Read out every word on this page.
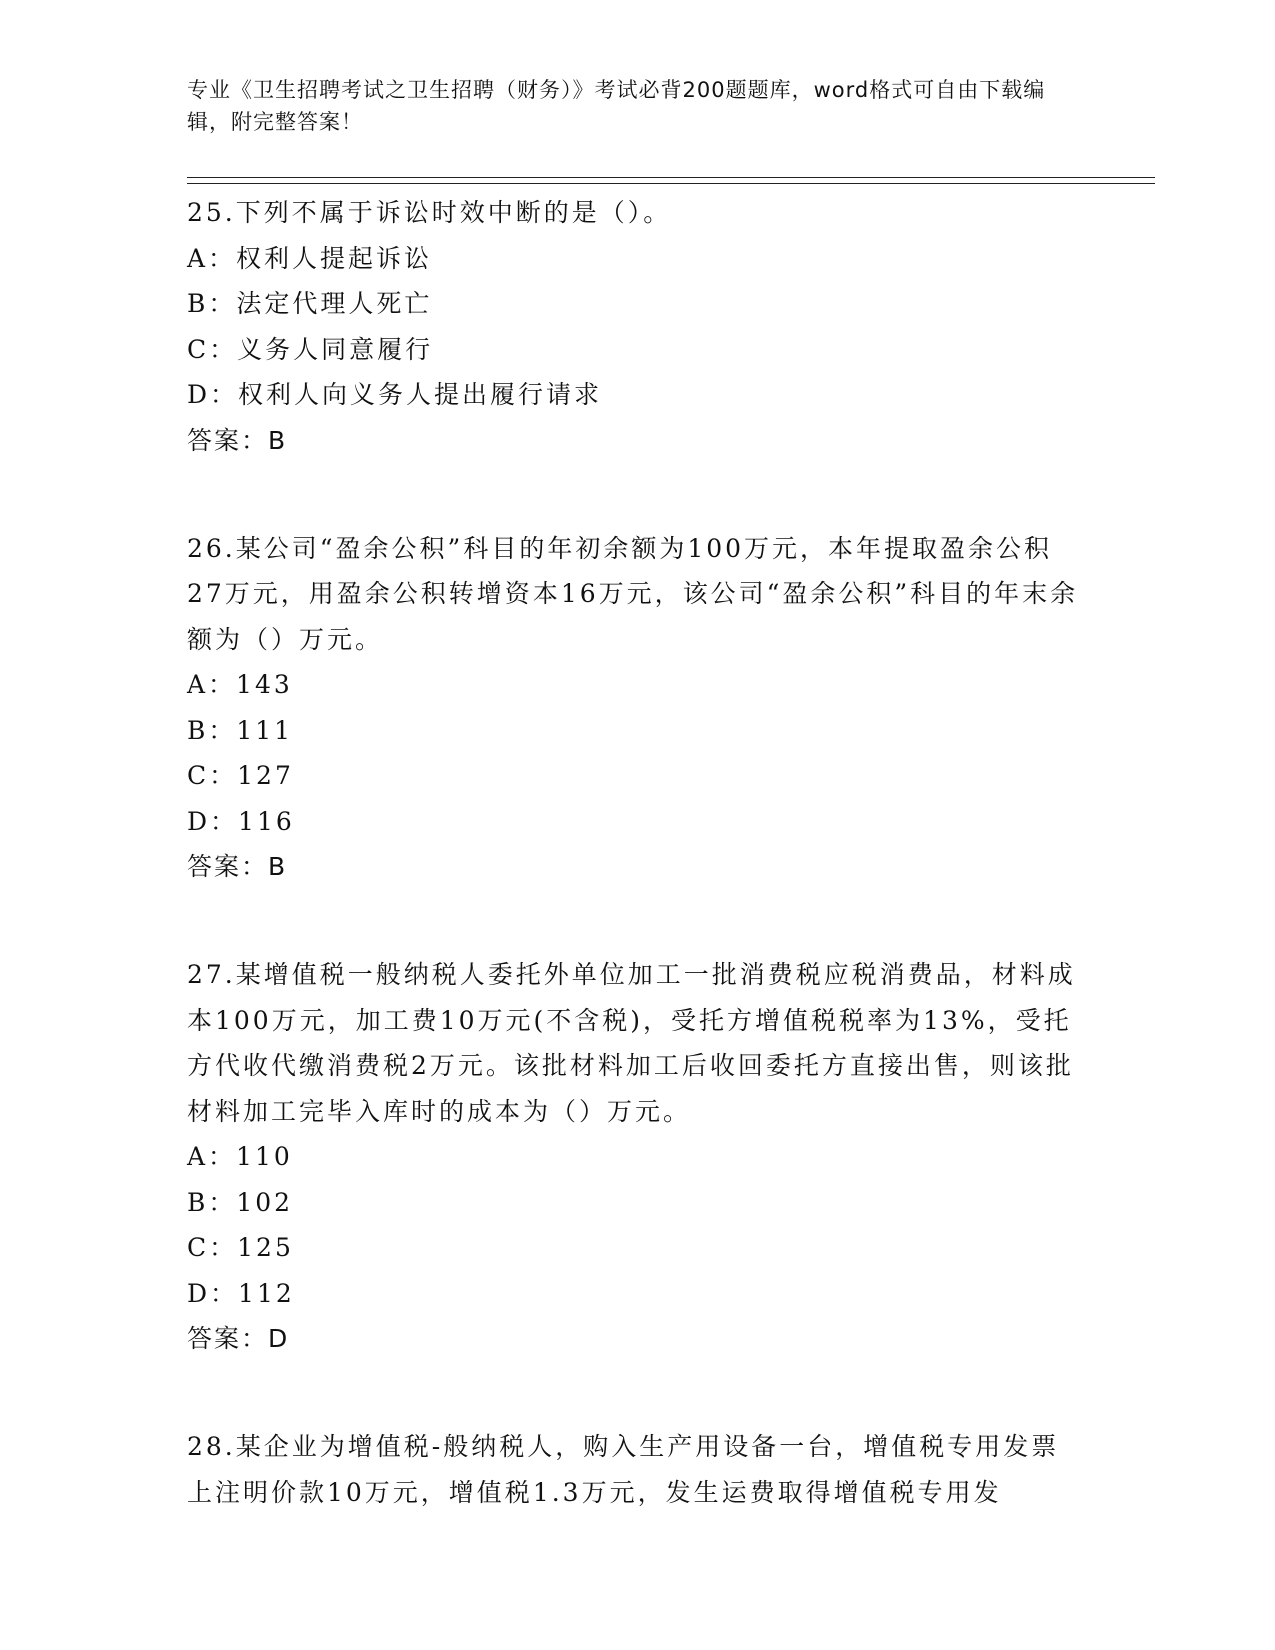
专业《卫生招聘考试之卫生招聘（财务）》考试必背200题题库，word格式可自由下载编辑，附完整答案！
25.下列不属于诉讼时效中断的是（）。
A：权利人提起诉讼
B：法定代理人死亡
C：义务人同意履行
D：权利人向义务人提出履行请求
答案：B
26.某公司“盈余公积”科目的年初余额为100万元，本年提取盈余公积27万元，用盈余公积转增资本16万元，该公司“盈余公积”科目的年末余额为（）万元。
A：143
B：111
C：127
D：116
答案：B
27.某增值税一般纳税人委托外单位加工一批消费税应税消费品，材料成本100万元，加工费10万元(不含税)，受托方增值税税率为13%，受托方代收代缴消费税2万元。该批材料加工后收回委托方直接出售，则该批材料加工完毕入库时的成本为（）万元。
A：110
B：102
C：125
D：112
答案：D
28.某企业为增值税-般纳税人，购入生产用设备一台，增值税专用发票上注明价款10万元，增值税1.3万元，发生运费取得增值税专用发
